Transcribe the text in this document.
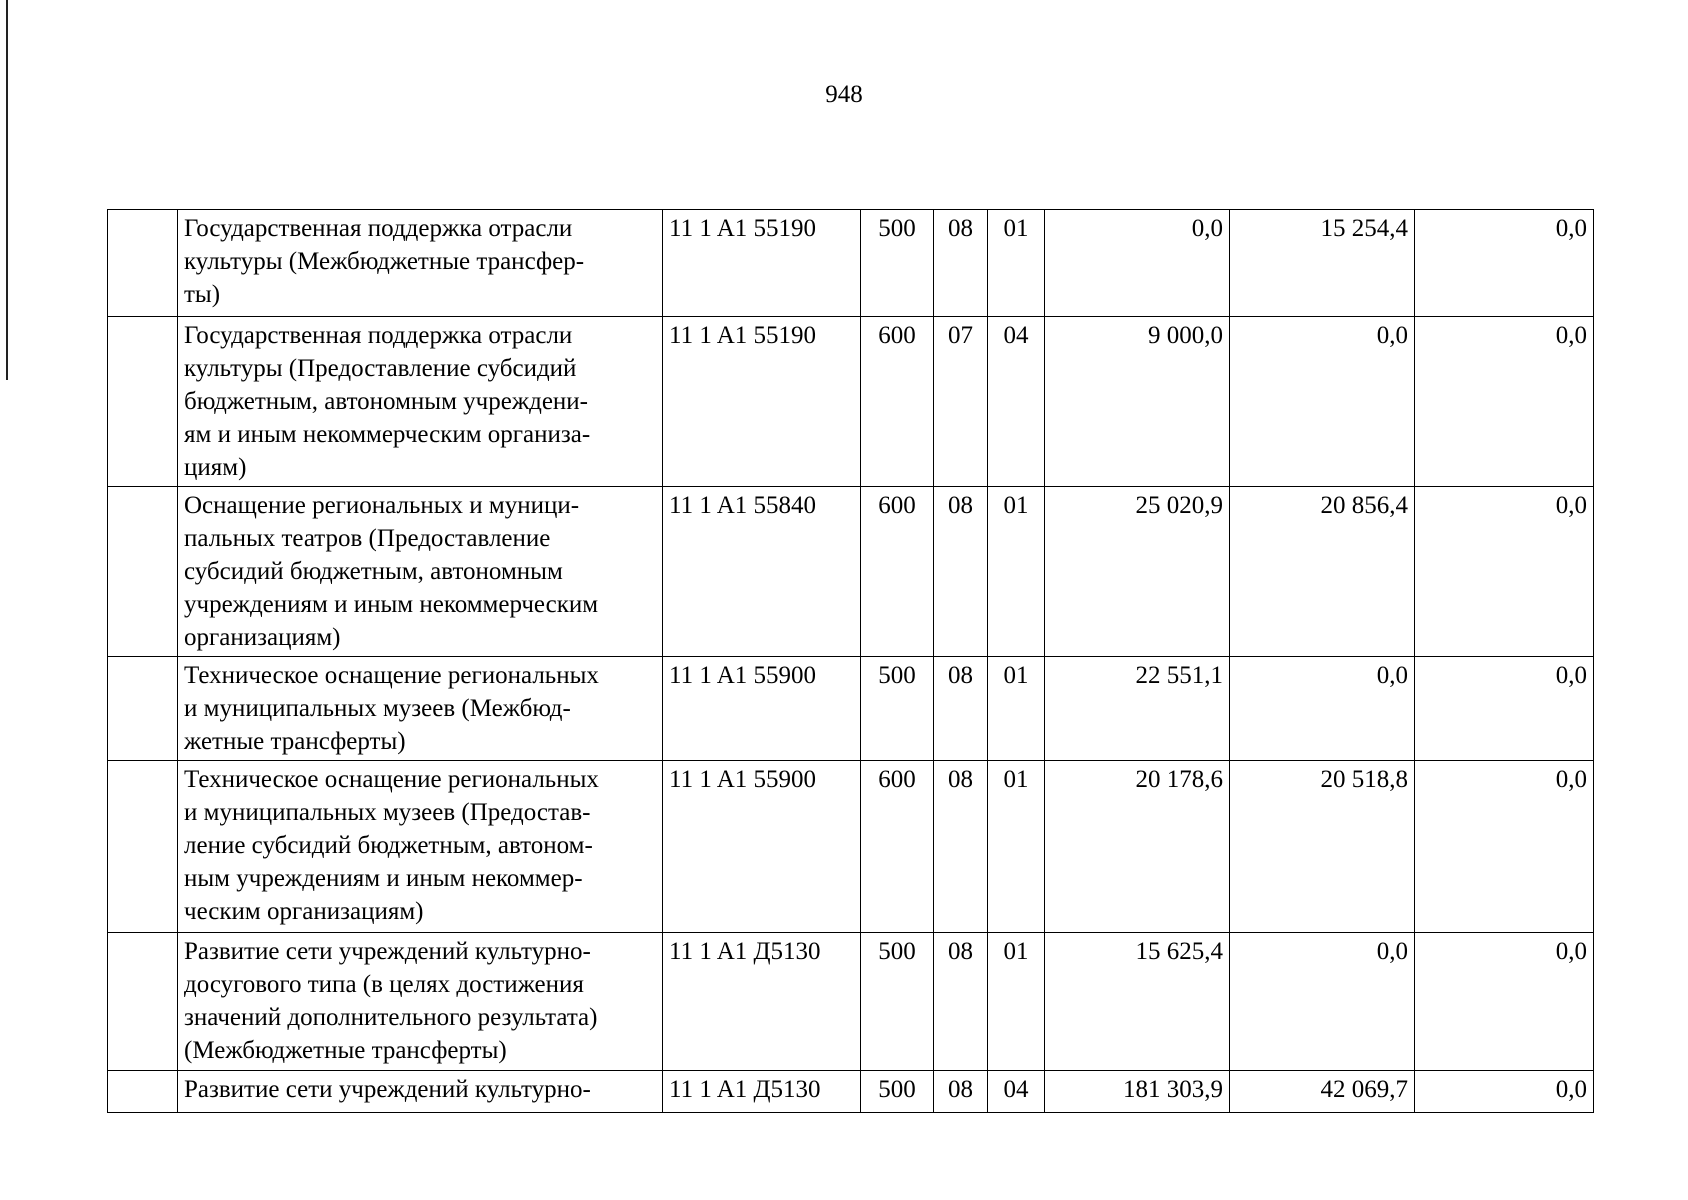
948

	Государственная поддержка отрасли
культуры (Межбюджетные трансфер-
ты)	11 1 A1 55190	500	08	01	0,0	15 254,4	0,0

	Государственная поддержка отрасли
культуры (Предоставление субсидий
бюджетным, автономным учреждени-
ям и иным некоммерческим организа-
циям)	11 1 A1 55190	600	07	04	9 000,0	0,0	0,0

	Оснащение региональных и муници-
пальных театров (Предоставление
субсидий бюджетным, автономным
учреждениям и иным некоммерческим
организациям)	11 1 A1 55840	600	08	01	25 020,9	20 856,4	0,0

	Техническое оснащение региональных
и муниципальных музеев (Межбюд-
жетные трансферты)	11 1 A1 55900	500	08	01	22 551,1	0,0	0,0

	Техническое оснащение региональных
и муниципальных музеев (Предостав-
ление субсидий бюджетным, автоном-
ным учреждениям и иным некоммер-
ческим организациям)	11 1 A1 55900	600	08	01	20 178,6	20 518,8	0,0

	Развитие сети учреждений культурно-
досугового типа (в целях достижения
значений дополнительного результата)
(Межбюджетные трансферты)	11 1 A1 Д5130	500	08	01	15 625,4	0,0	0,0

	Развитие сети учреждений культурно-	11 1 A1 Д5130	500	08	04	181 303,9	42 069,7	0,0
